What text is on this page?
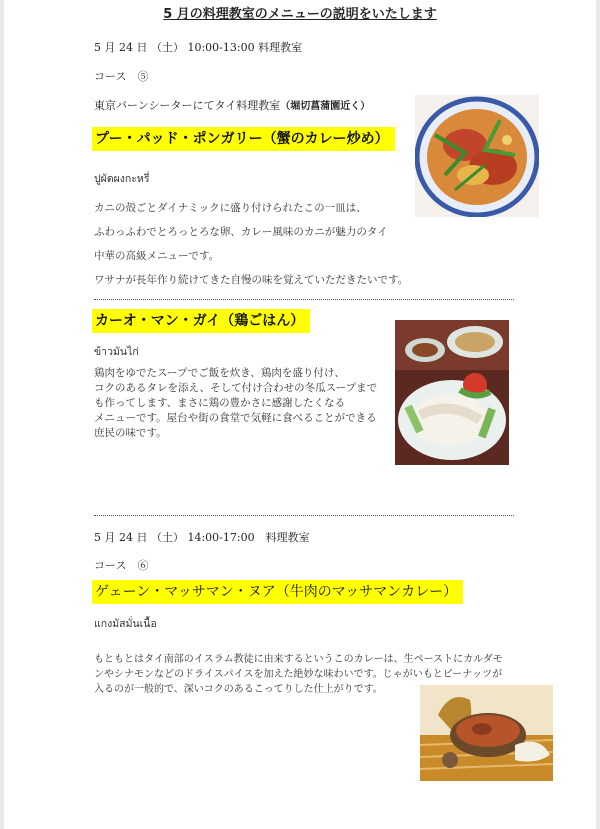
5 月の料理教室のメニューの説明をいたします
5 月 24 日 （土） 10:00-13:00 料理教室
コース　⑤
東京バーンシーターにてタイ料理教室（堀切菖蒲園近く）
プー・パッド・ポンガリー（蟹のカレー炒め）
ปูผัดผงกะหรี่
カニの殻ごとダイナミックに盛り付けられたこの一皿は、
ふわっふわでとろっとろな卵、カレー風味のカニが魅力のタイ
中華の高級メニューです。
ワサナが長年作り続けてきた自慢の味を覚えていただきたいです。
カーオ・マン・ガイ（鶏ごはん）
ข้าวมันไก่
鶏肉をゆでたスープでご飯を炊き、鶏肉を盛り付け、
コクのあるタレを添え、そして付け合わせの冬瓜スープまで
も作ってします、まさに鶏の豊かさに感謝したくなる
メニューです。屋台や街の食堂で気軽に食べることができる
庶民の味です。
5 月 24 日 （土） 14:00-17:00　料理教室
コース　⑥
ゲェーン・マッサマン・ヌア（牛肉のマッサマンカレー）
แกงมัสมั่นเนื้อ
もともとはタイ南部のイスラム教徒に由来するというこのカレーは、生ペーストにカルダモ
ンやシナモンなどのドライスパイスを加えた絶妙な味わいです。じゃがいもとピーナッツが
入るのが一般的で、深いコクのあるこってりした仕上がりです。
